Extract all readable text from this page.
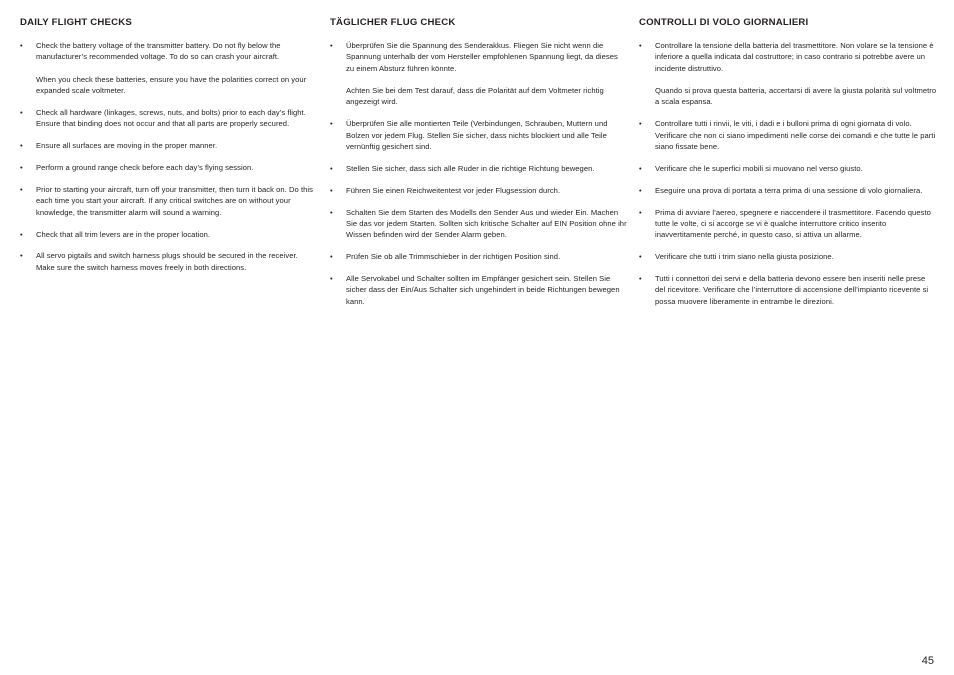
DAILY FLIGHT CHECKS
•	Check the battery voltage of the transmitter battery. Do not fly below the manufacturer’s recommended voltage. To do so can crash your aircraft.
When you check these batteries, ensure you have the polarities correct on your expanded scale voltmeter.
•	Check all hardware (linkages, screws, nuts, and bolts) prior to each day’s flight. Ensure that binding does not occur and that all parts are properly secured.
•	Ensure all surfaces are moving in the proper manner.
•	Perform a ground range check before each day’s flying session.
•	Prior to starting your aircraft, turn off your transmitter, then turn it back on. Do this each time you start your aircraft. If any critical switches are on without your knowledge, the transmitter alarm will sound a warning.
•	Check that all trim levers are in the proper location.
•	All servo pigtails and switch harness plugs should be secured in the receiver. Make sure the switch harness moves freely in both directions.
TÄGLICHER FLUG CHECK
•	Überprüfen Sie die Spannung des Senderakkus. Fliegen Sie nicht wenn die Spannung unterhalb der vom Hersteller empfohlenen Spannung liegt, da dieses zu einem Absturz führen könnte.
Achten Sie bei dem Test darauf, dass die Polarität auf dem Voltmeter richtig angezeigt wird.
•	Überprüfen Sie alle montierten Teile (Verbindungen, Schrauben, Muttern und Bolzen vor jedem Flug. Stellen Sie sicher, dass nichts blockiert und alle Teile vernünftig gesichert sind.
•	Stellen Sie sicher, dass sich alle Ruder in die richtige Richtung bewegen.
•	Führen Sie einen Reichweitentest vor jeder Flugsession durch.
•	Schalten Sie dem Starten des Modells den Sender Aus und wieder Ein. Machen Sie das vor jedem Starten. Sollten sich kritische Schalter auf EIN Position ohne ihr Wissen befinden wird der Sender Alarm geben.
•	Prüfen Sie ob alle Trimmschieber in der richtigen Position sind.
•	Alle Servokabel und Schalter sollten im Empfänger gesichert sein. Stellen Sie sicher dass der Ein/Aus Schalter sich ungehindert in beide Richtungen bewegen kann.
CONTROLLI DI VOLO GIORNALIERI
•	Controllare la tensione della batteria del trasmettitore. Non volare se la tensione è inferiore a quella indicata dal costruttore; in caso contrario si potrebbe avere un incidente distruttivo.
Quando si prova questa batteria, accertarsi di avere la giusta polarità sul voltmetro a scala espansa.
•	Controllare tutti i rinvii, le viti, i dadi e i bulloni prima di ogni giornata di volo. Verificare che non ci siano impedimenti nelle corse dei comandi e che tutte le parti siano fissate bene.
•	Verificare che le superfici mobili si muovano nel verso giusto.
•	Eseguire una prova di portata a terra prima di una sessione di volo giornaliera.
•	Prima di avviare l’aereo, spegnere e riaccendere il trasmettitore. Facendo questo tutte le volte, ci si accorge se vi è qualche interruttore critico inserito inavvertitamente perché, in questo caso, si attiva un allarme.
•	Verificare che tutti i trim siano nella giusta posizione.
•	Tutti i connettori dei servi e della batteria devono essere ben inseriti nelle prese del ricevitore. Verificare che l’interruttore di accensione dell’impianto ricevente si possa muovere liberamente in entrambe le direzioni.
45
